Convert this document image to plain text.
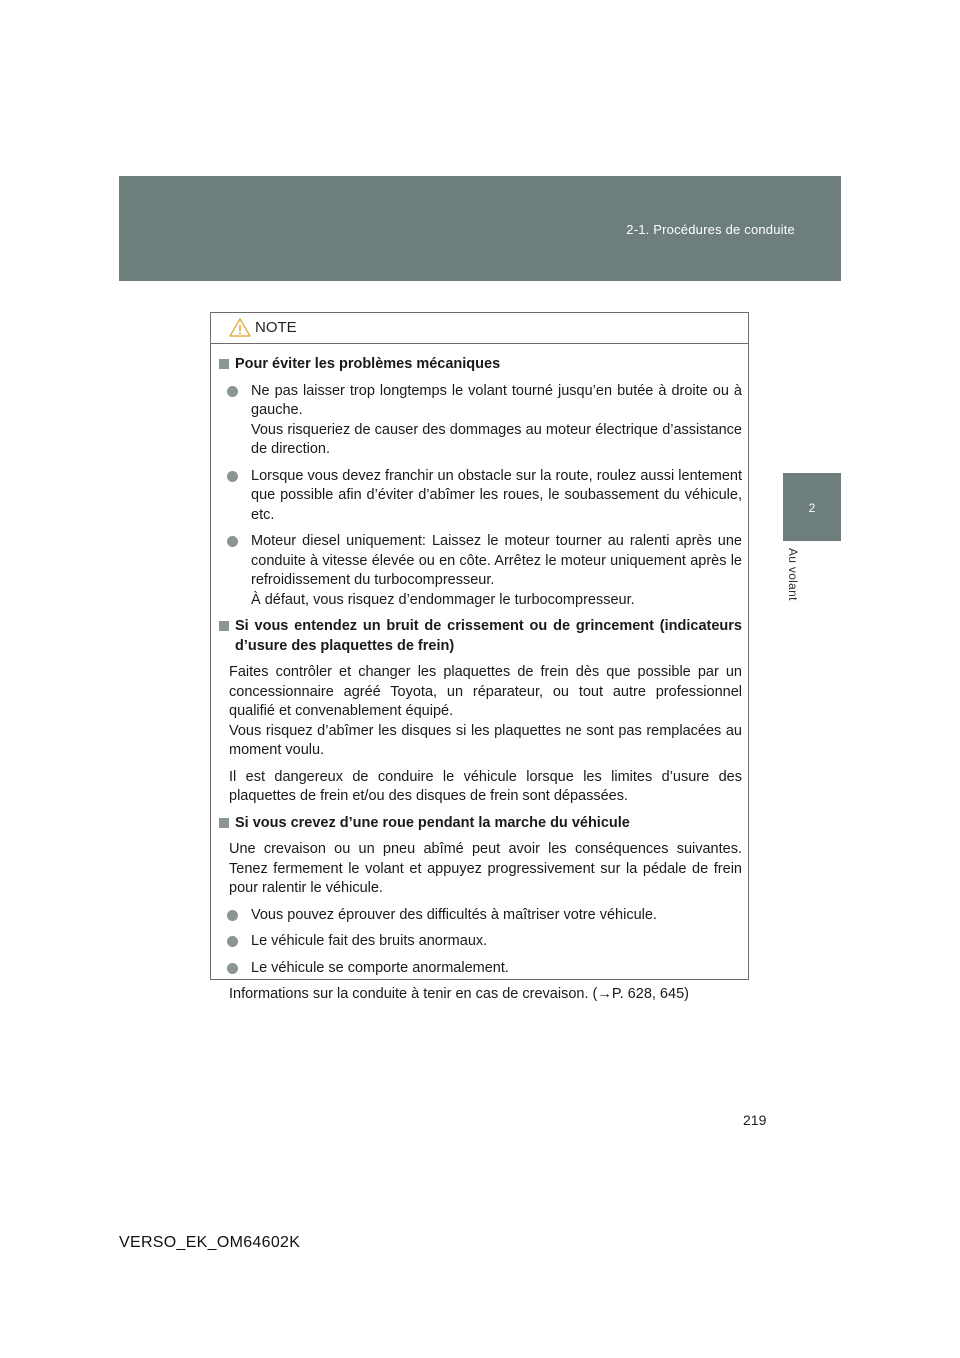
2-1. Procédures de conduite
2
Au volant
NOTE
Pour éviter les problèmes mécaniques
Ne pas laisser trop longtemps le volant tourné jusqu’en butée à droite ou à gauche.
Vous risqueriez de causer des dommages au moteur électrique d’assistance de direction.
Lorsque vous devez franchir un obstacle sur la route, roulez aussi lentement que possible afin d’éviter d’abîmer les roues, le soubassement du véhicule, etc.
Moteur diesel uniquement: Laissez le moteur tourner au ralenti après une conduite à vitesse élevée ou en côte. Arrêtez le moteur uniquement après le refroidissement du turbocompresseur.
À défaut, vous risquez d’endommager le turbocompresseur.
Si vous entendez un bruit de crissement ou de grincement (indicateurs d’usure des plaquettes de frein)
Faites contrôler et changer les plaquettes de frein dès que possible par un concessionnaire agréé Toyota, un réparateur, ou tout autre professionnel qualifié et convenablement équipé.
Vous risquez d’abîmer les disques si les plaquettes ne sont pas remplacées au moment voulu.
Il est dangereux de conduire le véhicule lorsque les limites d’usure des plaquettes de frein et/ou des disques de frein sont dépassées.
Si vous crevez d’une roue pendant la marche du véhicule
Une crevaison ou un pneu abîmé peut avoir les conséquences suivantes. Tenez fermement le volant et appuyez progressivement sur la pédale de frein pour ralentir le véhicule.
Vous pouvez éprouver des difficultés à maîtriser votre véhicule.
Le véhicule fait des bruits anormaux.
Le véhicule se comporte anormalement.
Informations sur la conduite à tenir en cas de crevaison. (→P. 628, 645)
219
VERSO_EK_OM64602K
